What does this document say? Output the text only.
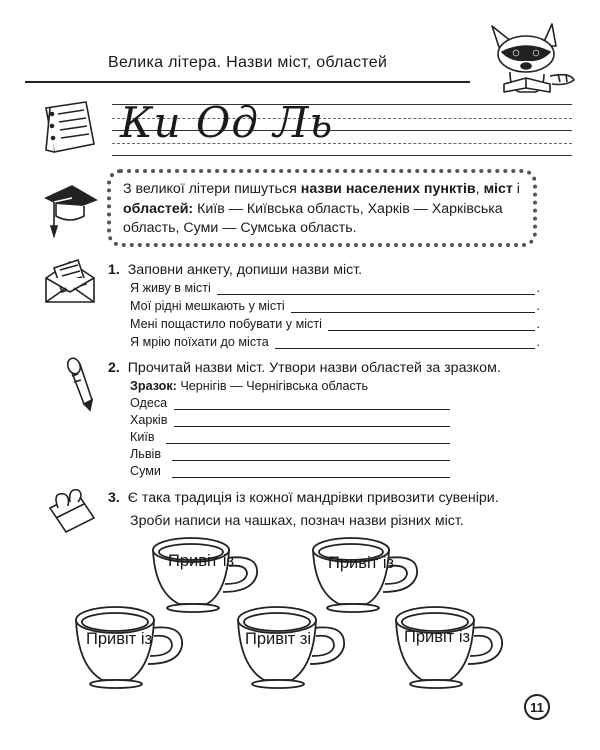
Велика літера. Назви міст, областей
Ки Од Ль
З великої літери пишуться назви населених пунктів, міст і областей: Київ — Київська область, Харків — Харківська область, Суми — Сумська область.
1. Заповни анкету, допиши назви міст.
Я живу в місті	.
Мої рідні мешкають у місті	.
Мені пощастило побувати у місті	.
Я мрію поїхати до міста	.
2. Прочитай назви міст. Утвори назви областей за зразком.
Зразок:
Чернігів — Чернігівська область
Одеса
Харків
Київ
Львів
Суми
3. Є така традиція із кожної мандрівки привозити сувеніри.
Зроби написи на чашках, познач назви різних міст.
Привіт із	Привіт із
Привіт із	Привіт зі	Привіт із
11
